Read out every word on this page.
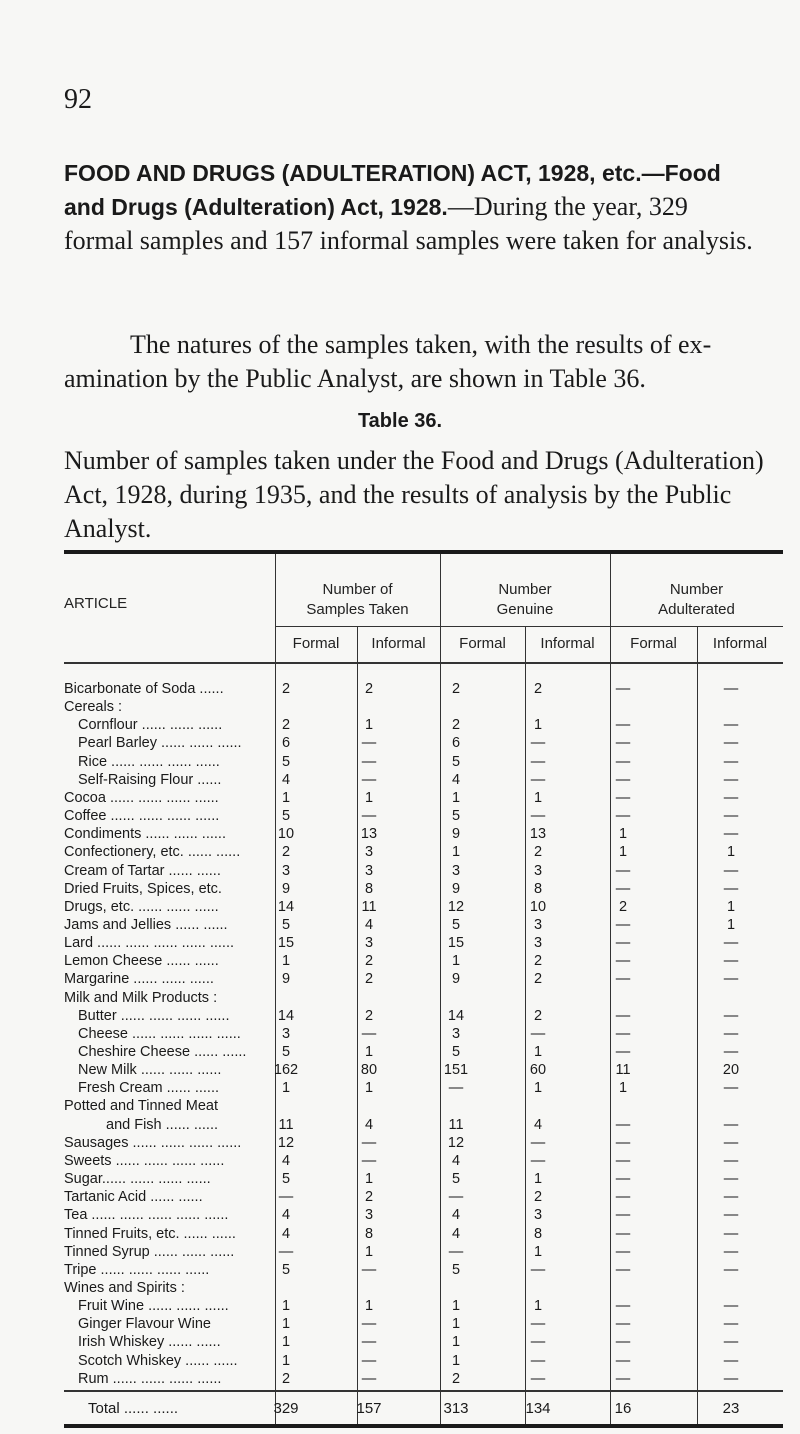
92
FOOD AND DRUGS (ADULTERATION) ACT, 1928, etc.—Food and Drugs (Adulteration) Act, 1928.—During the year, 329 formal samples and 157 informal samples were taken for analysis.
The natures of the samples taken, with the results of examination by the Public Analyst, are shown in Table 36.
Table 36.
Number of samples taken under the Food and Drugs (Adulteration) Act, 1928, during 1935, and the results of analysis by the Public Analyst.
ARTICLE
Number of
Samples Taken
Number
Genuine
Number
Adulterated
Formal	Informal	Formal	Informal	Formal	Informal
Bicarbonate of Soda ......	2	2	2	2	—	—
Cereals :
Cornflour ...... ...... ......	2	1	2	1	—	—
Pearl Barley ...... ...... ......	6	—	6	—	—	—
Rice ...... ...... ...... ......	5	—	5	—	—	—
Self-Raising Flour ......	4	—	4	—	—	—
Cocoa ...... ...... ...... ......	1	1	1	1	—	—
Coffee ...... ...... ...... ......	5	—	5	—	—	—
Condiments ...... ...... ......	10	13	9	13	1	—
Confectionery, etc. ...... ......	2	3	1	2	1	1
Cream of Tartar ...... ......	3	3	3	3	—	—
Dried Fruits, Spices, etc.	9	8	9	8	—	—
Drugs, etc. ...... ...... ......	14	11	12	10	2	1
Jams and Jellies ...... ......	5	4	5	3	—	1
Lard ...... ...... ...... ...... ......	15	3	15	3	—	—
Lemon Cheese ...... ......	1	2	1	2	—	—
Margarine ...... ...... ......	9	2	9	2	—	—
Milk and Milk Products :
Butter ...... ...... ...... ......	14	2	14	2	—	—
Cheese ...... ...... ...... ......	3	—	3	—	—	—
Cheshire Cheese ...... ......	5	1	5	1	—	—
New Milk ...... ...... ......	162	80	151	60	11	20
Fresh Cream ...... ......	1	1	—	1	1	—
Potted and Tinned Meat
and Fish ...... ......	11	4	11	4	—	—
Sausages ...... ...... ...... ......	12	—	12	—	—	—
Sweets ...... ...... ...... ......	4	—	4	—	—	—
Sugar...... ...... ...... ......	5	1	5	1	—	—
Tartanic Acid ...... ......	—	2	—	2	—	—
Tea ...... ...... ...... ...... ......	4	3	4	3	—	—
Tinned Fruits, etc. ...... ......	4	8	4	8	—	—
Tinned Syrup ...... ...... ......	—	1	—	1	—	—
Tripe ...... ...... ...... ......	5	—	5	—	—	—
Wines and Spirits :
Fruit Wine ...... ...... ......	1	1	1	1	—	—
Ginger Flavour Wine	1	—	1	—	—	—
Irish Whiskey ...... ......	1	—	1	—	—	—
Scotch Whiskey ...... ......	1	—	1	—	—	—
Rum ...... ...... ...... ......	2	—	2	—	—	—
Total ...... ......	329	157	313	134	16	23
